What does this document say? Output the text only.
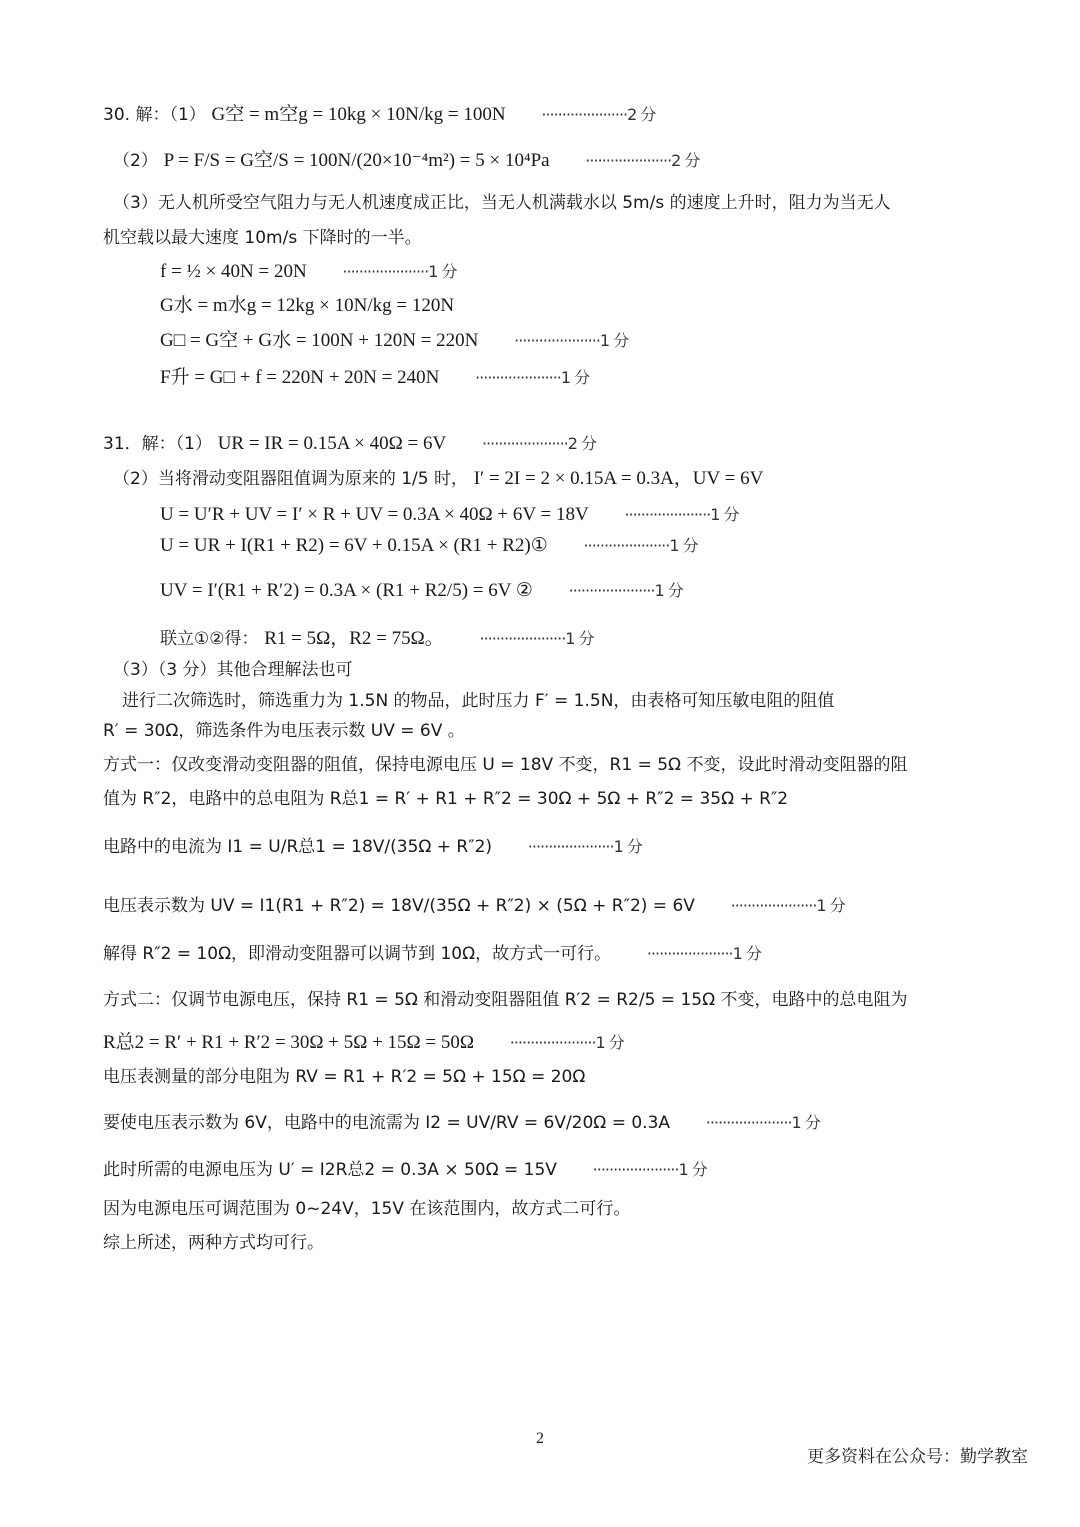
30. 解：（1） G空 = m空g = 10kg × 10N/kg = 100N ·····················2 分
（2） P = F/S = G空/S = 100N/(20×10⁻⁴m²) = 5 × 10⁴Pa ·····················2 分
（3）无人机所受空气阻力与无人机速度成正比，当无人机满载水以 5m/s 的速度上升时，阻力为当无人
机空载以最大速度 10m/s 下降时的一半。
f = ½ × 40N = 20N ·····················1 分
G水 = m水g = 12kg × 10N/kg = 120N
G□ = G空 + G水 = 100N + 120N = 220N ·····················1 分
F升 = G□ + f = 220N + 20N = 240N ·····················1 分
31．解：（1） UR = IR = 0.15A × 40Ω = 6V ·····················2 分
（2）当将滑动变阻器阻值调为原来的 1/5 时， I′ = 2I = 2 × 0.15A = 0.3A，UV = 6V
U = U′R + UV = I′ × R + UV = 0.3A × 40Ω + 6V = 18V ·····················1 分
U = UR + I(R1 + R2) = 6V + 0.15A × (R1 + R2)① ·····················1 分
UV = I′(R1 + R′2) = 0.3A × (R1 + R2/5) = 6V ② ·····················1 分
联立①②得： R1 = 5Ω，R2 = 75Ω。 ·····················1 分
（3）（3 分）其他合理解法也可
进行二次筛选时，筛选重力为 1.5N 的物品，此时压力 F′ = 1.5N，由表格可知压敏电阻的阻值
R′ = 30Ω，筛选条件为电压表示数 UV = 6V 。
方式一：仅改变滑动变阻器的阻值，保持电源电压 U = 18V 不变，R1 = 5Ω 不变，设此时滑动变阻器的阻
值为 R″2，电路中的总电阻为 R总1 = R′ + R1 + R″2 = 30Ω + 5Ω + R″2 = 35Ω + R″2
电路中的电流为 I1 = U/R总1 = 18V/(35Ω + R″2) ·····················1 分
电压表示数为 UV = I1(R1 + R″2) = 18V/(35Ω + R″2) × (5Ω + R″2) = 6V ·····················1 分
解得 R″2 = 10Ω，即滑动变阻器可以调节到 10Ω，故方式一可行。 ·····················1 分
方式二：仅调节电源电压，保持 R1 = 5Ω 和滑动变阻器阻值 R′2 = R2/5 = 15Ω 不变，电路中的总电阻为
R总2 = R′ + R1 + R′2 = 30Ω + 5Ω + 15Ω = 50Ω ·····················1 分
电压表测量的部分电阻为 RV = R1 + R′2 = 5Ω + 15Ω = 20Ω
要使电压表示数为 6V，电路中的电流需为 I2 = UV/RV = 6V/20Ω = 0.3A ·····················1 分
此时所需的电源电压为 U′ = I2R总2 = 0.3A × 50Ω = 15V ·····················1 分
因为电源电压可调范围为 0~24V，15V 在该范围内，故方式二可行。
综上所述，两种方式均可行。
2
更多资料在公众号：勤学教室
